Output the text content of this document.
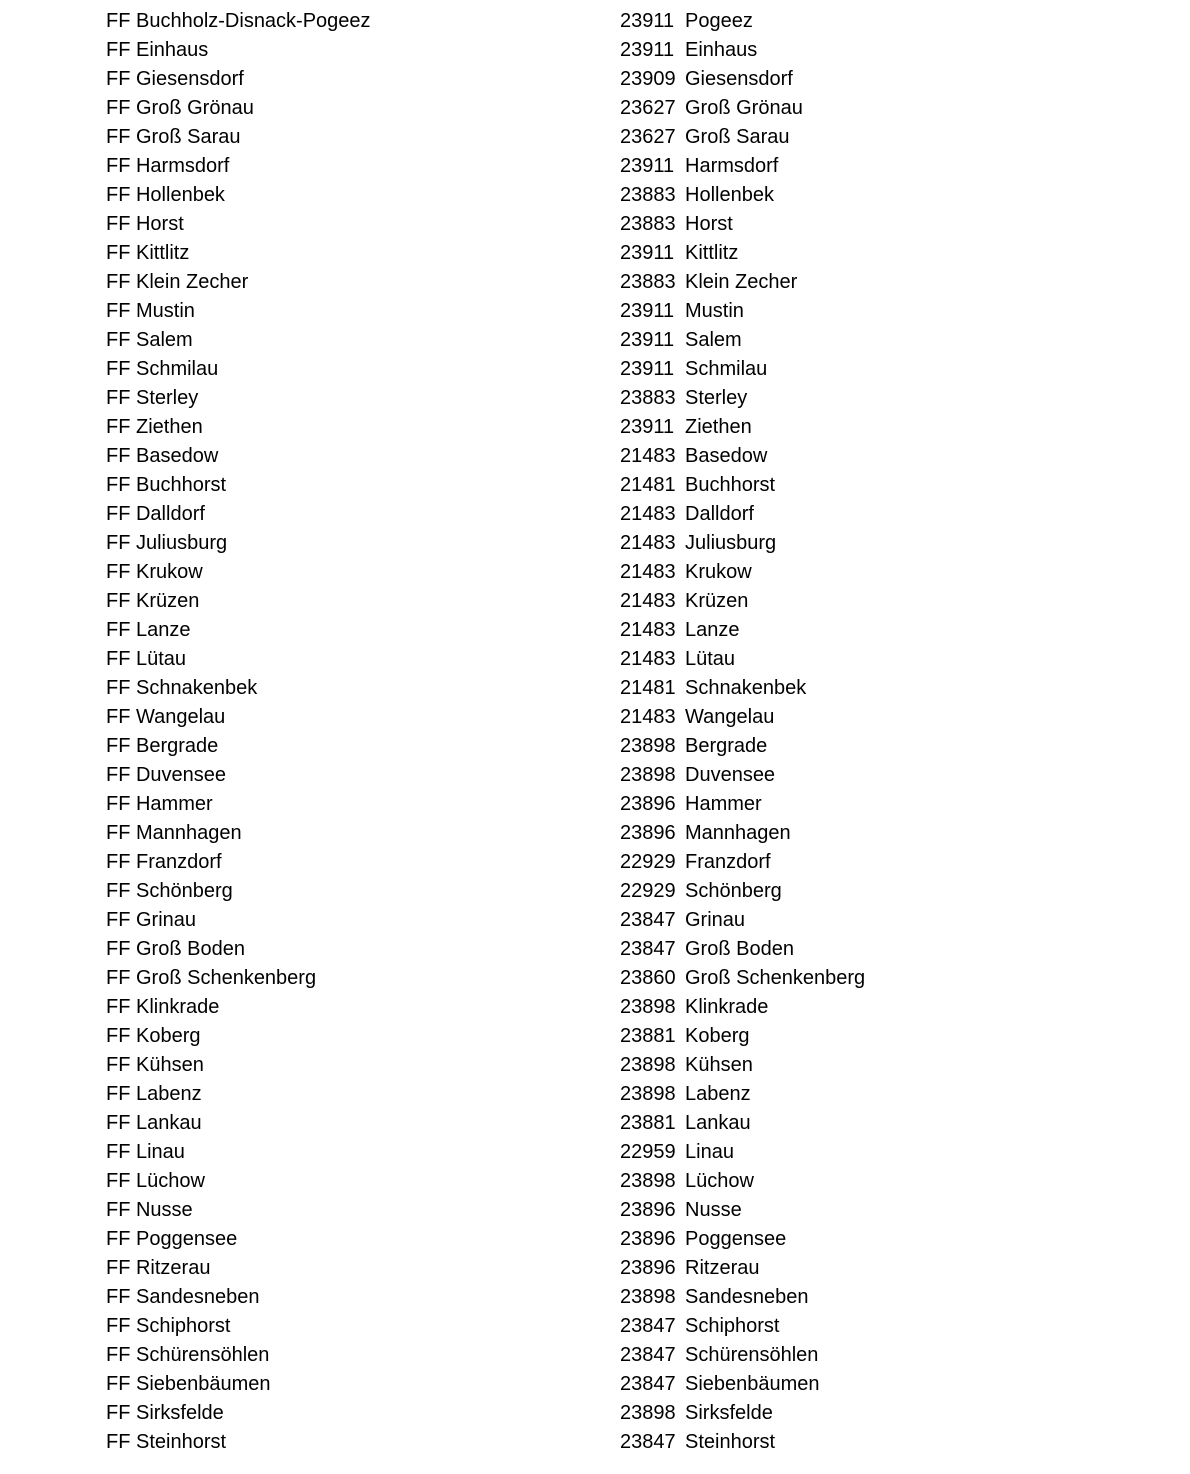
FF Buchholz-Disnack-Pogeez	23911 Pogeez
FF Einhaus	23911 Einhaus
FF Giesensdorf	23909 Giesensdorf
FF Groß Grönau	23627 Groß Grönau
FF Groß Sarau	23627 Groß Sarau
FF Harmsdorf	23911 Harmsdorf
FF Hollenbek	23883 Hollenbek
FF Horst	23883 Horst
FF Kittlitz	23911 Kittlitz
FF Klein Zecher	23883 Klein Zecher
FF Mustin	23911 Mustin
FF Salem	23911 Salem
FF Schmilau	23911 Schmilau
FF Sterley	23883 Sterley
FF Ziethen	23911 Ziethen
FF Basedow	21483 Basedow
FF Buchhorst	21481 Buchhorst
FF Dalldorf	21483 Dalldorf
FF Juliusburg	21483 Juliusburg
FF Krukow	21483 Krukow
FF Krüzen	21483 Krüzen
FF Lanze	21483 Lanze
FF Lütau	21483 Lütau
FF Schnakenbek	21481 Schnakenbek
FF Wangelau	21483 Wangelau
FF Bergrade	23898 Bergrade
FF Duvensee	23898 Duvensee
FF Hammer	23896 Hammer
FF Mannhagen	23896 Mannhagen
FF Franzdorf	22929 Franzdorf
FF Schönberg	22929 Schönberg
FF Grinau	23847 Grinau
FF Groß Boden	23847 Groß Boden
FF Groß Schenkenberg	23860 Groß Schenkenberg
FF Klinkrade	23898 Klinkrade
FF Koberg	23881 Koberg
FF Kühsen	23898 Kühsen
FF Labenz	23898 Labenz
FF Lankau	23881 Lankau
FF Linau	22959 Linau
FF Lüchow	23898 Lüchow
FF Nusse	23896 Nusse
FF Poggensee	23896 Poggensee
FF Ritzerau	23896 Ritzerau
FF Sandesneben	23898 Sandesneben
FF Schiphorst	23847 Schiphorst
FF Schürensöhlen	23847 Schürensöhlen
FF Siebenbäumen	23847 Siebenbäumen
FF Sirksfelde	23898 Sirksfelde
FF Steinhorst	23847 Steinhorst
